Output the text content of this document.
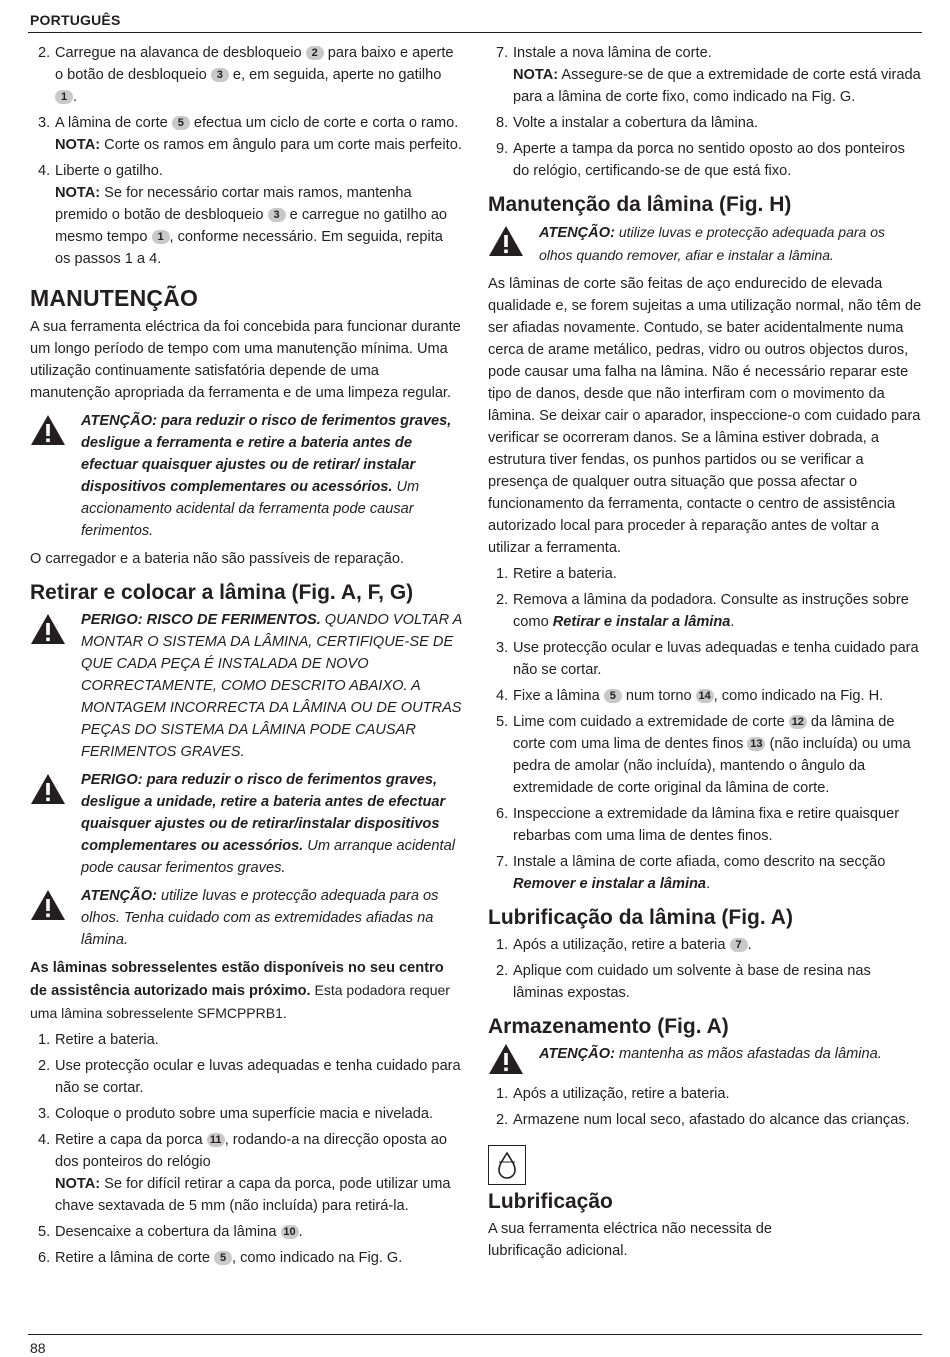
PORTUGUÊS
2. Carregue na alavanca de desbloqueio 2 para baixo e aperte o botão de desbloqueio 3 e, em seguida, aperte no gatilho 1 .
3. A lâmina de corte 5 efectua um ciclo de corte e corta o ramo.
NOTA: Corte os ramos em ângulo para um corte mais perfeito.
4. Liberte o gatilho.
NOTA: Se for necessário cortar mais ramos, mantenha premido o botão de desbloqueio 3 e carregue no gatilho ao mesmo tempo 1 , conforme necessário. Em seguida, repita os passos 1 a 4.
MANUTENÇÃO

A sua ferramenta eléctrica da foi concebida para funcionar durante um longo período de tempo com uma manutenção mínima. Uma utilização continuamente satisfatória depende de uma manutenção apropriada da ferramenta e de uma limpeza regular.

ATENÇÃO: para reduzir o risco de ferimentos graves, desligue a ferramenta e retire a bateria antes de efectuar quaisquer ajustes ou de retirar/ instalar dispositivos complementares ou acessórios. Um accionamento acidental da ferramenta pode causar ferimentos.

O carregador e a bateria não são passíveis de reparação.

Retirar e colocar a lâmina (Fig. A, F, G)
PERIGO: RISCO DE FERIMENTOS. QUANDO VOLTAR A MONTAR O SISTEMA DA LÂMINA, CERTIFIQUE-SE DE QUE CADA PEÇA É INSTALADA DE NOVO CORRECTAMENTE, COMO DESCRITO ABAIXO. A MONTAGEM INCORRECTA DA LÂMINA OU DE OUTRAS PEÇAS DO SISTEMA DA LÂMINA PODE CAUSAR FERIMENTOS GRAVES.
PERIGO: para reduzir o risco de ferimentos graves, desligue a unidade, retire a bateria antes de efectuar quaisquer ajustes ou de retirar/instalar dispositivos complementares ou acessórios. Um arranque acidental pode causar ferimentos graves.
ATENÇÃO: utilize luvas e protecção adequada para os olhos. Tenha cuidado com as extremidades afiadas na lâmina.

As lâminas sobresselentes estão disponíveis no seu centro de assistência autorizado mais próximo. Esta podadora requer uma lâmina sobresselente SFMCPPRB1.

1. Retire a bateria.
2. Use protecção ocular e luvas adequadas e tenha cuidado para não se cortar.
3. Coloque o produto sobre uma superfície macia e nivelada.
4. Retire a capa da porca 11 , rodando-a na direcção oposta ao dos ponteiros do relógio
NOTA: Se for difícil retirar a capa da porca, pode utilizar uma chave sextavada de 5 mm (não incluída) para retirá-la.
5. Desencaixe a cobertura da lâmina 10 .
6. Retire a lâmina de corte 5 , como indicado na Fig. G.
7. Instale a nova lâmina de corte.
NOTA: Assegure-se de que a extremidade de corte está virada para a lâmina de corte fixo, como indicado na Fig. G.
8. Volte a instalar a cobertura da lâmina.
9. Aperte a tampa da porca no sentido oposto ao dos ponteiros do relógio, certificando-se de que está fixo.
Manutenção da lâmina (Fig. H)
ATENÇÃO: utilize luvas e protecção adequada para os olhos quando remover, afiar e instalar a lâmina.

As lâminas de corte são feitas de aço endurecido de elevada qualidade e, se forem sujeitas a uma utilização normal, não têm de ser afiadas novamente. Contudo, se bater acidentalmente numa cerca de arame metálico, pedras, vidro ou outros objectos duros, pode causar uma falha na lâmina. Não é necessário reparar este tipo de danos, desde que não interfiram com o movimento da lâmina. Se deixar cair o aparador, inspeccione-o com cuidado para verificar se ocorreram danos. Se a lâmina estiver dobrada, a estrutura tiver fendas, os punhos partidos ou se verificar a presença de qualquer outra situação que possa afectar o funcionamento da ferramenta, contacte o centro de assistência autorizado local para proceder à reparação antes de voltar a utilizar a ferramenta.

1. Retire a bateria.
2. Remova a lâmina da podadora. Consulte as instruções sobre como Retirar e instalar a lâmina.
3. Use protecção ocular e luvas adequadas e tenha cuidado para não se cortar.
4. Fixe a lâmina 5 num torno 14 , como indicado na Fig. H.
5. Lime com cuidado a extremidade de corte 12 da lâmina de corte com uma lima de dentes finos 13 (não incluída) ou uma pedra de amolar (não incluída), mantendo o ângulo da extremidade de corte original da lâmina de corte.
6. Inspeccione a extremidade da lâmina fixa e retire quaisquer rebarbas com uma lima de dentes finos.
7. Instale a lâmina de corte afiada, como descrito na secção Remover e instalar a lâmina.
Lubrificação da lâmina (Fig. A)
1. Após a utilização, retire a bateria 7 .
2. Aplique com cuidado um solvente à base de resina nas lâminas expostas.
Armazenamento (Fig. A)
ATENÇÃO: mantenha as mãos afastadas da lâmina.
1. Após a utilização, retire a bateria.
2. Armazene num local seco, afastado do alcance das crianças.
Lubrificação

A sua ferramenta eléctrica não necessita de lubrificação adicional.

88
